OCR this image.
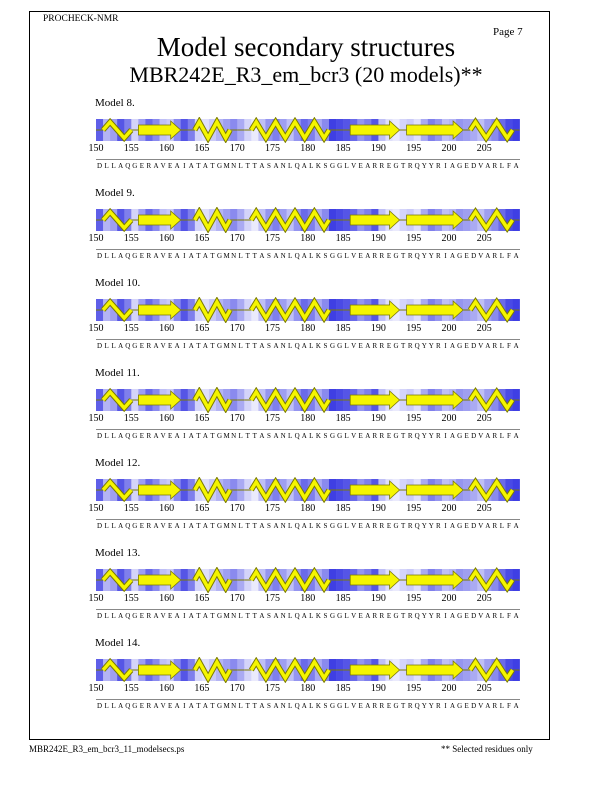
PROCHECK-NMR
Page 7
Model secondary structures
MBR242E_R3_em_bcr3 (20 models)**
Model 8.
150 155 160 165 170 175 180 185 190 195 200 205
D L L A Q G E R A V E A I A T A T G M N L T T A S A N L Q A L K S G G L V E A R R E G T R Q Y Y R I A G E D V A R L F A
Model 9.
150 155 160 165 170 175 180 185 190 195 200 205
D L L A Q G E R A V E A I A T A T G M N L T T A S A N L Q A L K S G G L V E A R R E G T R Q Y Y R I A G E D V A R L F A
Model 10.
150 155 160 165 170 175 180 185 190 195 200 205
D L L A Q G E R A V E A I A T A T G M N L T T A S A N L Q A L K S G G L V E A R R E G T R Q Y Y R I A G E D V A R L F A
Model 11.
150 155 160 165 170 175 180 185 190 195 200 205
D L L A Q G E R A V E A I A T A T G M N L T T A S A N L Q A L K S G G L V E A R R E G T R Q Y Y R I A G E D V A R L F A
Model 12.
150 155 160 165 170 175 180 185 190 195 200 205
D L L A Q G E R A V E A I A T A T G M N L T T A S A N L Q A L K S G G L V E A R R E G T R Q Y Y R I A G E D V A R L F A
Model 13.
150 155 160 165 170 175 180 185 190 195 200 205
D L L A Q G E R A V E A I A T A T G M N L T T A S A N L Q A L K S G G L V E A R R E G T R Q Y Y R I A G E D V A R L F A
Model 14.
150 155 160 165 170 175 180 185 190 195 200 205
D L L A Q G E R A V E A I A T A T G M N L T T A S A N L Q A L K S G G L V E A R R E G T R Q Y Y R I A G E D V A R L F A
MBR242E_R3_em_bcr3_11_modelsecs.ps	** Selected residues only
